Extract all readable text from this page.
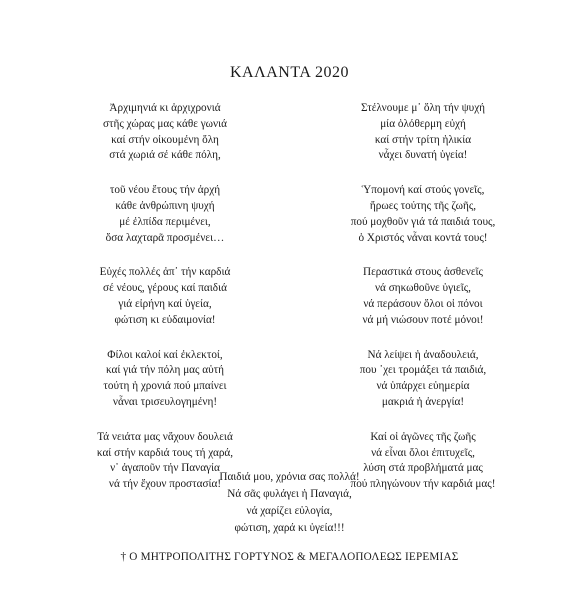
ΚΑΛΑΝΤΑ 2020
Ἀρχιμηνιά κι ἀρχιχρονιά
στῆς χώρας μας κάθε γωνιά
καί στήν οἰκουμένη ὅλη
στά χωριά σέ κάθε πόλη,
τοῦ νέου ἔτους τήν ἀρχή
κάθε ἀνθρώπινη ψυχή
μέ ἐλπίδα περιμένει,
ὅσα λαχταρᾶ προσμένει…
Εὐχές πολλές ἀπ᾽ τήν καρδιά
σέ νέους, γέρους καί παιδιά
γιά εἰρήνη καί ὑγεία,
φώτιση κι εὐδαιμονία!
Φίλοι καλοί καί ἐκλεκτοί,
καί γιά τήν πόλη μας αὐτή
τούτη ἡ χρονιά πού μπαίνει
νἆναι τρισευλογημένη!
Τά νειάτα μας νἄχουν δουλειά
καί στήν καρδιά τους τή χαρά,
ν᾽ ἀγαποῦν τήν Παναγία
νά τήν ἔχουν προστασία!
Στέλνουμε μ᾽ ὅλη τήν ψυχή
μία ὁλόθερμη εὐχή
καί στήν τρίτη ἡλικία
νἆχει δυνατή ὑγεία!
Ὑπομονή καί στούς γονεῖς,
ἥρωες τούτης τῆς ζωῆς,
πού μοχθοῦν γιά τά παιδιά τους,
ὁ Χριστός νἆναι κοντά τους!
Περαστικά στους ἀσθενεῖς
νά σηκωθοῦνε ὑγιεῖς,
νά περάσουν ὅλοι οἱ πόνοι
νά μή νιώσουν ποτέ μόνοι!
Νά λείψει ἡ ἀναδουλειά,
που ᾽χει τρομάξει τά παιδιά,
νά ὑπάρχει εὐημερία
μακριά ἡ ἀνεργία!
Καί οἱ ἀγῶνες τῆς ζωῆς
νά εἶναι ὅλοι ἐπιτυχεῖς,
λύση στά προβλήματά μας
πού πληγώνουν τήν καρδιά μας!
Παιδιά μου, χρόνια σας πολλά!
Νά σᾶς φυλάγει ἡ Παναγιά,
νά χαρίζει εὐλογία,
φώτιση, χαρά κι ὑγεία!!!
† Ο ΜΗΤΡΟΠΟΛΙΤΗΣ ΓΟΡΤΥΝΟΣ & ΜΕΓΑΛΟΠΟΛΕΩΣ ΙΕΡΕΜΙΑΣ
